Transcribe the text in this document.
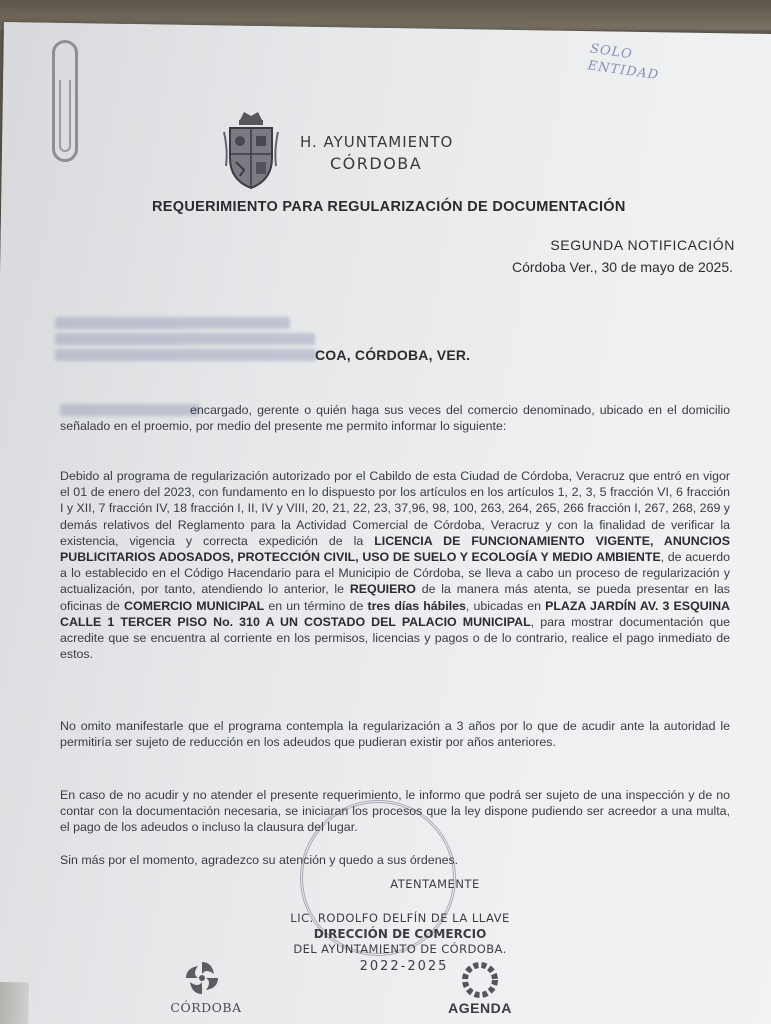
SOLO ENTIDAD
H. AYUNTAMIENTO
CÓRDOBA
REQUERIMIENTO PARA REGULARIZACIÓN DE DOCUMENTACIÓN
SEGUNDA NOTIFICACIÓN
Córdoba Ver., 30 de mayo de 2025.
COA, CÓRDOBA, VER.
encargado, gerente o quién haga sus veces del comercio denominado, ubicado en el domicilio señalado en el proemio, por medio del presente me permito informar lo siguiente:
Debido al programa de regularización autorizado por el Cabildo de esta Ciudad de Córdoba, Veracruz que entró en vigor el 01 de enero del 2023, con fundamento en lo dispuesto por los artículos en los artículos 1, 2, 3, 5 fracción VI, 6 fracción I y XII, 7 fracción IV, 18 fracción I, II, IV y VIII, 20, 21, 22, 23, 37,96, 98, 100, 263, 264, 265, 266 fracción I, 267, 268, 269 y demás relativos del Reglamento para la Actividad Comercial de Córdoba, Veracruz y con la finalidad de verificar la existencia, vigencia y correcta expedición de la LICENCIA DE FUNCIONAMIENTO VIGENTE, ANUNCIOS PUBLICITARIOS ADOSADOS, PROTECCIÓN CIVIL, USO DE SUELO Y ECOLOGÍA Y MEDIO AMBIENTE, de acuerdo a lo establecido en el Código Hacendario para el Municipio de Córdoba, se lleva a cabo un proceso de regularización y actualización, por tanto, atendiendo lo anterior, le REQUIERO de la manera más atenta, se pueda presentar en las oficinas de COMERCIO MUNICIPAL en un término de tres días hábiles, ubicadas en PLAZA JARDÍN AV. 3 ESQUINA CALLE 1 TERCER PISO No. 310 A UN COSTADO DEL PALACIO MUNICIPAL, para mostrar documentación que acredite que se encuentra al corriente en los permisos, licencias y pagos o de lo contrario, realice el pago inmediato de estos.
No omito manifestarle que el programa contempla la regularización a 3 años por lo que de acudir ante la autoridad le permitiría ser sujeto de reducción en los adeudos que pudieran existir por años anteriores.
En caso de no acudir y no atender el presente requerimiento, le informo que podrá ser sujeto de una inspección y de no contar con la documentación necesaria, se iniciaran los procesos que la ley dispone pudiendo ser acreedor a una multa, el pago de los adeudos o incluso la clausura del lugar.
Sin más por el momento, agradezco su atención y quedo a sus órdenes.
ATENTAMENTE
LIC. RODOLFO DELFÍN DE LA LLAVE
DIRECCIÓN DE COMERCIO
DEL AYUNTAMIENTO DE CÓRDOBA.
2022-2025
CÓRDOBA	AGENDA
